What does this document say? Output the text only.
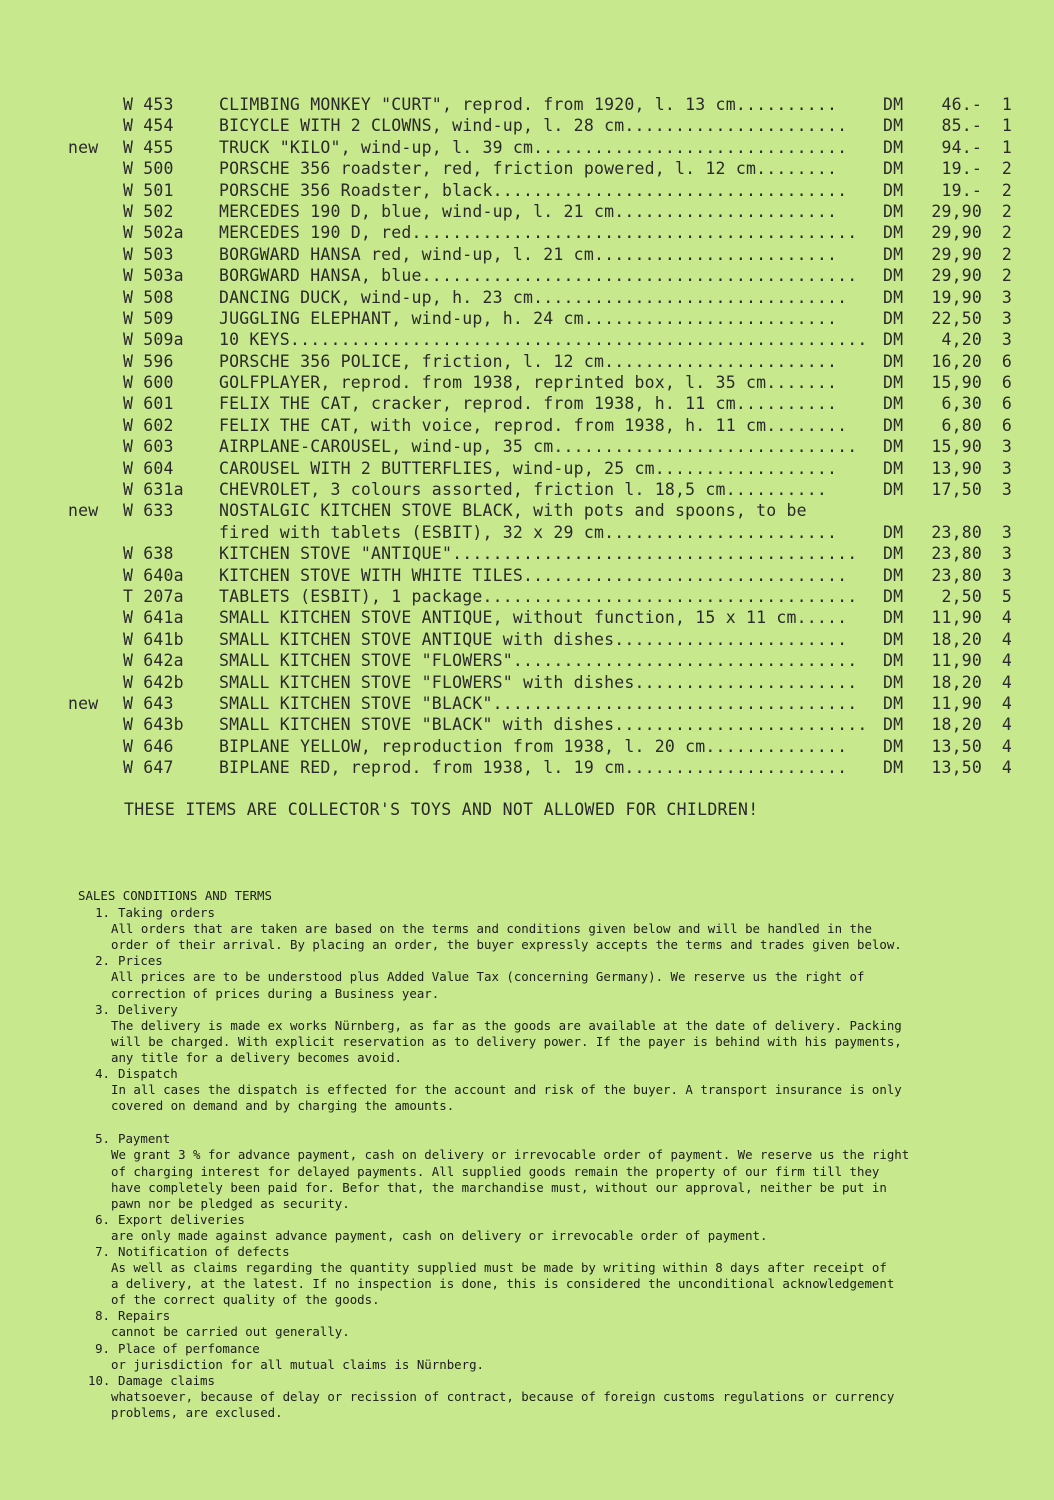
W 453	CLIMBING MONKEY "CURT", reprod. from 1920, l. 13 cm..........	DM	46.- 1
W 454	BICYCLE WITH 2 CLOWNS, wind-up, l. 28 cm......................	DM	85.- 1
new W 455	TRUCK "KILO", wind-up, l. 39 cm...............................	DM	94.- 1
W 500	PORSCHE 356 roadster, red, friction powered, l. 12 cm........	DM	19.- 2
W 501	PORSCHE 356 Roadster, black...................................	DM	19.- 2
W 502	MERCEDES 190 D, blue, wind-up, l. 21 cm......................	DM	29,90 2
W 502a MERCEDES 190 D, red............................................	DM	29,90 2
W 503	BORGWARD HANSA red, wind-up, l. 21 cm........................	DM	29,90 2
W 503a BORGWARD HANSA, blue...........................................	DM	29,90 2
W 508	DANCING DUCK, wind-up, h. 23 cm...............................	DM	19,90 3
W 509	JUGGLING ELEPHANT, wind-up, h. 24 cm.........................	DM	22,50 3
W 509a 10 KEYS......................................................... DM	4,20 3
W 596	PORSCHE 356 POLICE, friction, l. 12 cm.......................	DM	16,20 6
W 600	GOLFPLAYER, reprod. from 1938, reprinted box, l. 35 cm.......	DM	15,90 6
W 601	FELIX THE CAT, cracker, reprod. from 1938, h. 11 cm..........	DM	6,30 6
W 602	FELIX THE CAT, with voice, reprod. from 1938, h. 11 cm........	DM	6,80 6
W 603	AIRPLANE-CAROUSEL, wind-up, 35 cm..............................	DM	15,90 3
W 604	CAROUSEL WITH 2 BUTTERFLIES, wind-up, 25 cm..................	DM	13,90 3
W 631a CHEVROLET, 3 colours assorted, friction l. 18,5 cm..........	DM	17,50 3
new W 633	NOSTALGIC KITCHEN STOVE BLACK, with pots and spoons, to be
fired with tablets (ESBIT), 32 x 29 cm.......................	DM	23,80 3
W 638	KITCHEN STOVE "ANTIQUE"........................................	DM	23,80 3
W 640a KITCHEN STOVE WITH WHITE TILES................................	DM	23,80 3
T 207a TABLETS (ESBIT), 1 package.....................................	DM	2,50 5
W 641a SMALL KITCHEN STOVE ANTIQUE, without function, 15 x 11 cm.....	DM	11,90 4
W 641b SMALL KITCHEN STOVE ANTIQUE with dishes.......................	DM	18,20 4
W 642a SMALL KITCHEN STOVE "FLOWERS"..................................	DM	11,90 4
W 642b SMALL KITCHEN STOVE "FLOWERS" with dishes......................	DM	18,20 4
new W 643	SMALL KITCHEN STOVE "BLACK"....................................	DM	11,90 4
W 643b SMALL KITCHEN STOVE "BLACK" with dishes......................... DM	18,20 4
W 646	BIPLANE YELLOW, reproduction from 1938, l. 20 cm..............	DM	13,50 4
W 647	BIPLANE RED, reprod. from 1938, l. 19 cm......................	DM	13,50 4
THESE ITEMS ARE COLLECTOR'S TOYS AND NOT ALLOWED FOR CHILDREN!
SALES CONDITIONS AND TERMS
1. Taking orders
All orders that are taken are based on the terms and conditions given below and will be handled in the
order of their arrival. By placing an order, the buyer expressly accepts the terms and trades given below.
2. Prices
All prices are to be understood plus Added Value Tax (concerning Germany). We reserve us the right of
correction of prices during a Business year.
3. Delivery
The delivery is made ex works Nürnberg, as far as the goods are available at the date of delivery. Packing
will be charged. With explicit reservation as to delivery power. If the payer is behind with his payments,
any title for a delivery becomes avoid.
4. Dispatch
In all cases the dispatch is effected for the account and risk of the buyer. A transport insurance is only
covered on demand and by charging the amounts.
5. Payment
We grant 3 % for advance payment, cash on delivery or irrevocable order of payment. We reserve us the right
of charging interest for delayed payments. All supplied goods remain the property of our firm till they
have completely been paid for. Befor that, the marchandise must, without our approval, neither be put in
pawn nor be pledged as security.
6. Export deliveries
are only made against advance payment, cash on delivery or irrevocable order of payment.
7. Notification of defects
As well as claims regarding the quantity supplied must be made by writing within 8 days after receipt of
a delivery, at the latest. If no inspection is done, this is considered the unconditional acknowledgement
of the correct quality of the goods.
8. Repairs
cannot be carried out generally.
9. Place of perfomance
or jurisdiction for all mutual claims is Nürnberg.
10. Damage claims
whatsoever, because of delay or recission of contract, because of foreign customs regulations or currency
problems, are exclused.
